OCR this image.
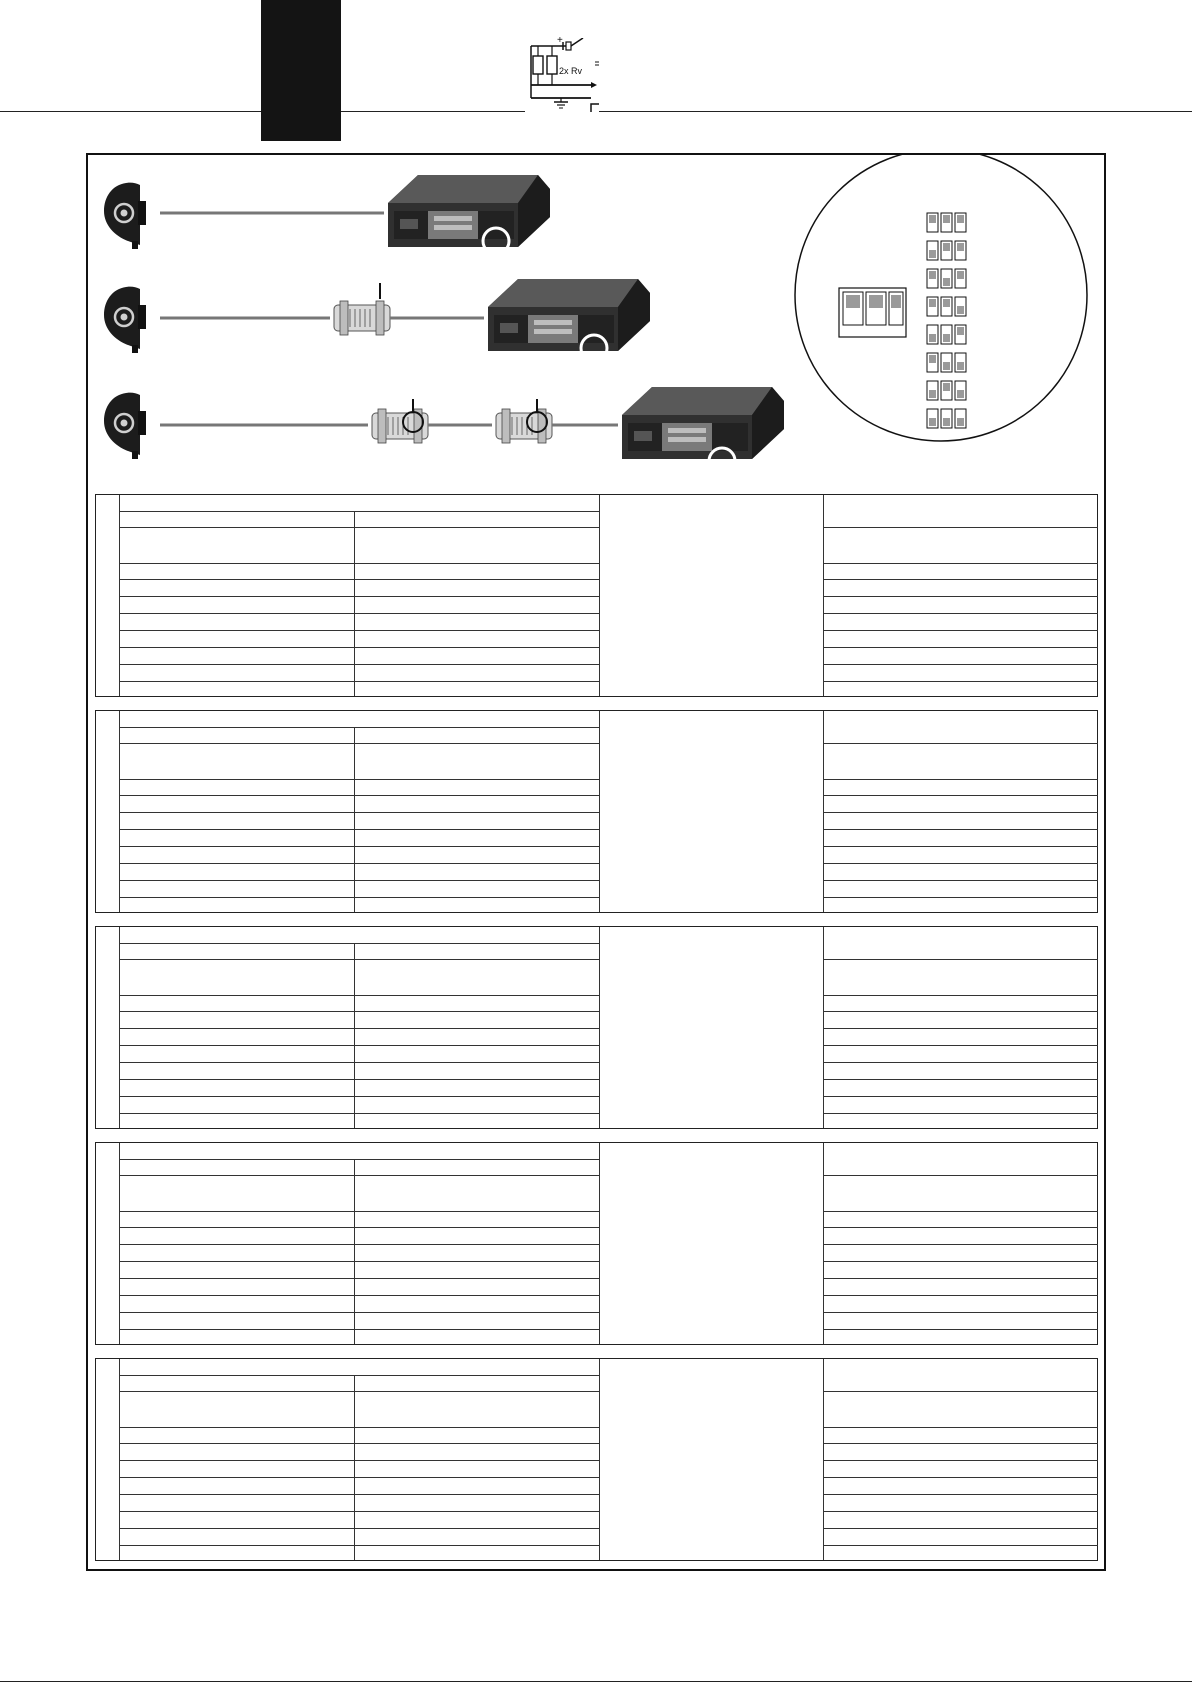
+
2x Rv
